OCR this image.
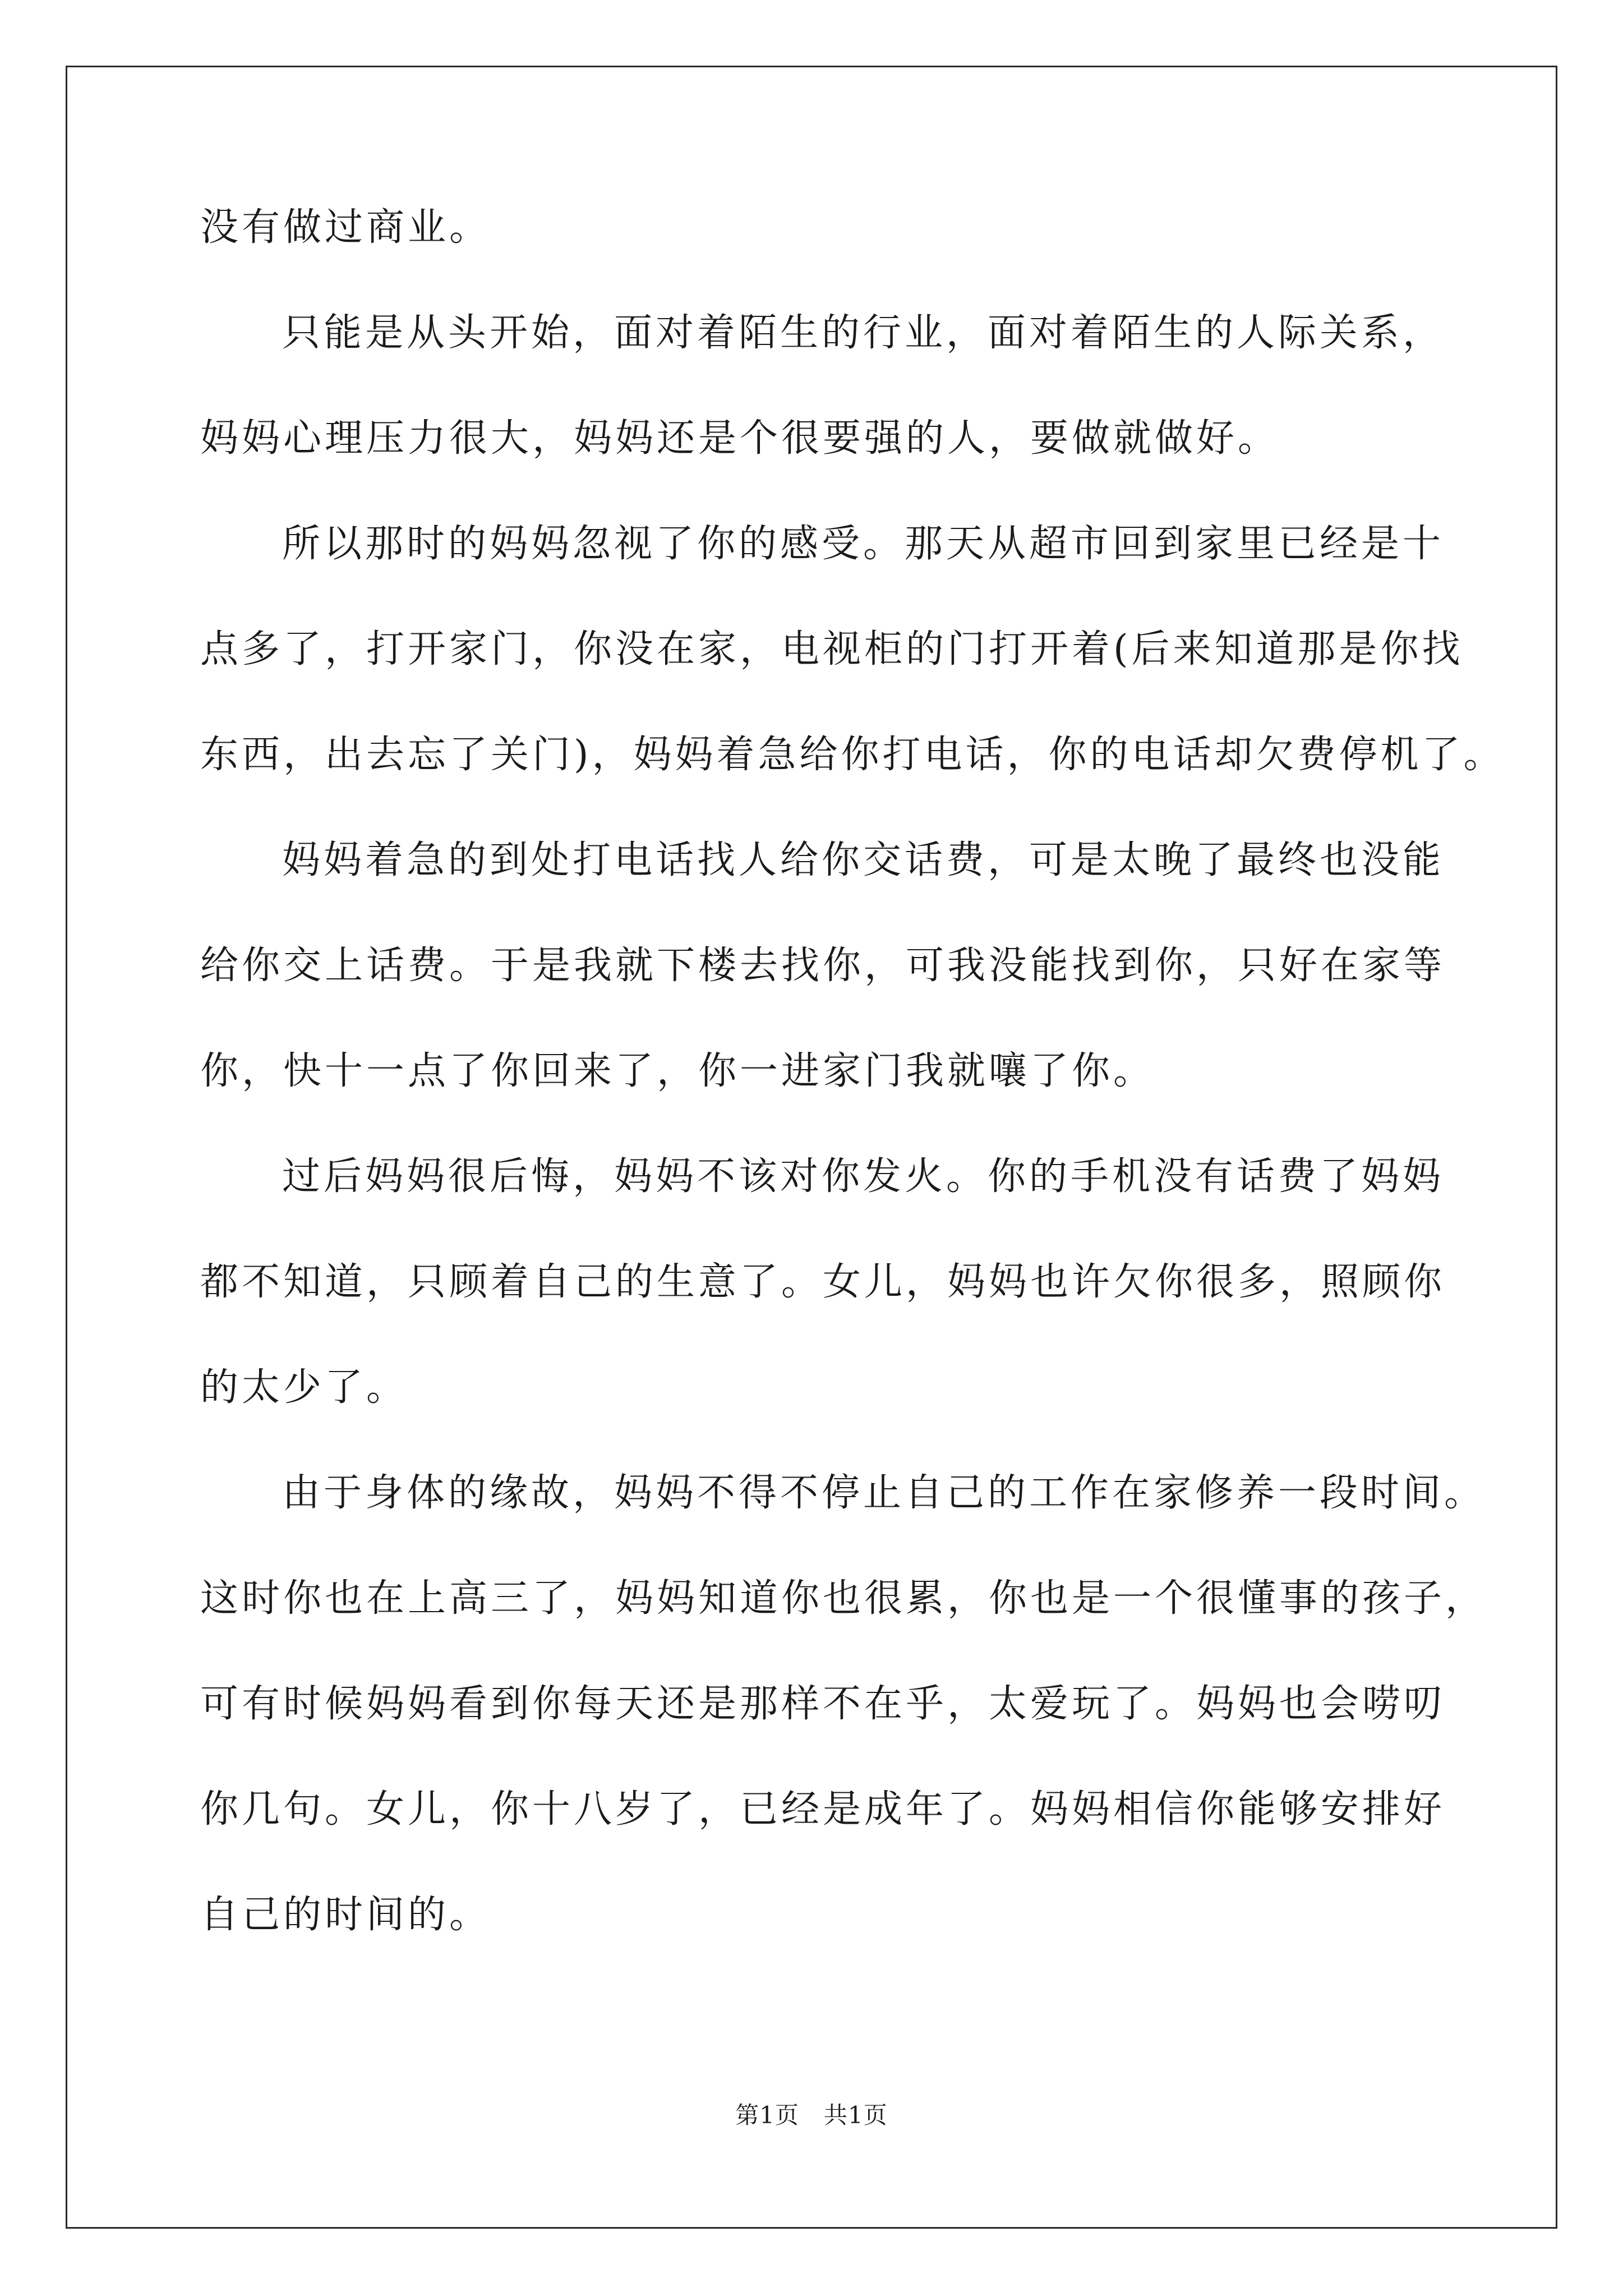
没有做过商业。
只能是从头开始，面对着陌生的行业，面对着陌生的人际关系，
妈妈心理压力很大，妈妈还是个很要强的人，要做就做好。
所以那时的妈妈忽视了你的感受。那天从超市回到家里已经是十
点多了，打开家门，你没在家，电视柜的门打开着(后来知道那是你找
东西，出去忘了关门)，妈妈着急给你打电话，你的电话却欠费停机了。
妈妈着急的到处打电话找人给你交话费，可是太晚了最终也没能
给你交上话费。于是我就下楼去找你，可我没能找到你，只好在家等
你，快十一点了你回来了，你一进家门我就嚷了你。
过后妈妈很后悔，妈妈不该对你发火。你的手机没有话费了妈妈
都不知道，只顾着自己的生意了。女儿，妈妈也许欠你很多，照顾你
的太少了。
由于身体的缘故，妈妈不得不停止自己的工作在家修养一段时间。
这时你也在上高三了，妈妈知道你也很累，你也是一个很懂事的孩子，
可有时候妈妈看到你每天还是那样不在乎，太爱玩了。妈妈也会唠叨
你几句。女儿，你十八岁了，已经是成年了。妈妈相信你能够安排好
自己的时间的。
第1页 共1页
